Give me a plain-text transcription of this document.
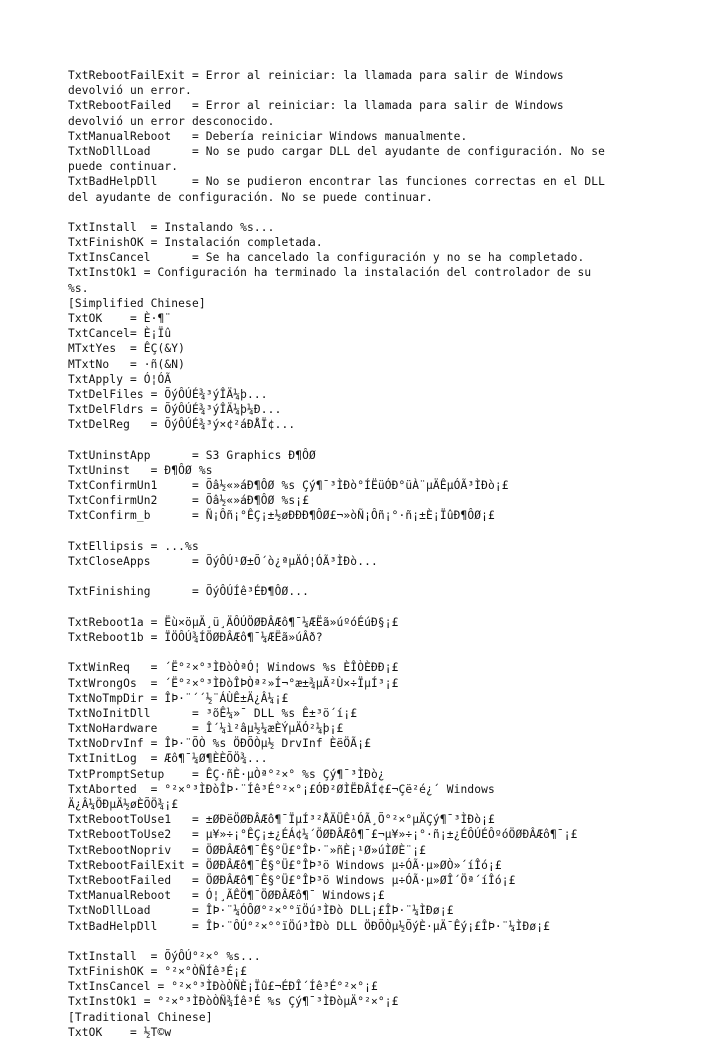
TxtRebootFailExit = Error al reiniciar: la llamada para salir de Windows
devolvió un error.
TxtRebootFailed   = Error al reiniciar: la llamada para salir de Windows
devolvió un error desconocido.
TxtManualReboot   = Debería reiniciar Windows manualmente.
TxtNoDllLoad      = No se pudo cargar DLL del ayudante de configuración. No se
puede continuar.
TxtBadHelpDll     = No se pudieron encontrar las funciones correctas en el DLL
del ayudante de configuración. No se puede continuar.
TxtInstall  = Instalando %s...
TxtFinishOK = Instalación completada.
TxtInsCancel      = Se ha cancelado la configuración y no se ha completado.
TxtInstOk1 = Configuración ha terminado la instalación del controlador de su
%s.
[Simplified Chinese]
TxtOK    = È·¶¨
TxtCancel= È¡Ïû
MTxtYes  = ÊÇ(&Y)
MTxtNo   = ·ñ(&N)
TxtApply = Ó¦ÓÃ
TxtDelFiles = ÕýÔÚÉ¾³ýÎÄ¼þ...
TxtDelFldrs = ÕýÔÚÉ¾³ýÎÄ¼þ¼Ð...
TxtDelReg   = ÕýÔÚÉ¾³ý×¢²áÐÅÏ¢...
TxtUninstApp      = S3 Graphics Ð¶ÔØ
TxtUninst   = Ð¶ÔØ %s
TxtConfirmUn1     = Õâ½«»áÐ¶ÔØ %s Çý¶¯³ÌÐò°ÍËüÓÐ°üÀ¨µÄÊµÓÃ³ÌÐò¡£
TxtConfirmUn2     = Õâ½«»áÐ¶ÔØ %s¡£
TxtConfirm_b      = Ñ¡Ôñ¡°ÊÇ¡±½øÐÐÐ¶ÔØ£¬»òÑ¡Ôñ¡°·ñ¡±È¡ÏûÐ¶ÔØ¡£
TxtEllipsis = ...%s
TxtCloseApps      = ÕýÔÚ¹Ø±Õ´ò¿ªµÄÓ¦ÓÃ³ÌÐò...
TxtFinishing      = ÕýÔÚÍê³ÉÐ¶ÔØ...
TxtReboot1a = Ëù×öµÄ¸ü¸ÄÔÚÖØÐÂÆô¶¯¼ÆËã»úºóÉúÐ§¡£
TxtReboot1b = ÏÖÔÚ¾ÍÖØÐÂÆô¶¯¼ÆËã»úÂð?
TxtWinReq   = ´Ë°²×°³ÌÐòÒªÓ¦ Windows %s ÈÎÒÈÐÐ¡£
TxtWrongOs  = ´Ë°²×°³ÌÐòÎÞÒª²»Í¬°æ±¾µÄ²Ù×÷ÏµÍ³¡£
TxtNoTmpDir = ÎÞ·¨´´½¨ÁÙÊ±Ä¿Â¼¡£
TxtNoInitDll      = ³õÊ¼»¯ DLL %s Ê±³ö´í¡£
TxtNoHardware     = Î´¼ì²âµ½¼æÈÝµÄÓ²¼þ¡£
TxtNoDrvInf = ÎÞ·¨ÕÒ %s ÖÐÕÒµ½ DrvInf ÈëÖÃ¡£
TxtInitLog  = Æô¶¯¼Ø¶ÈÈÕÖ¾...
TxtPromptSetup    = ÊÇ·ñÈ·µÒª°²×° %s Çý¶¯³ÌÐò¿
TxtAborted  = °²×°³ÌÐòÎÞ·¨Íê³É°²×°¡£ÓÐ²ØÌËÐÂÍ¢£¬Çë²é¿´ Windows
Ä¿Â¼ÖÐµÄ½øÈÕÖ¾¡£
TxtRebootToUse1   = ±ØÐëÖØÐÂÆô¶¯ÏµÍ³²ÅÄÜÊ¹ÓÃ¸Õ°²×°µÄÇý¶¯³ÌÐò¡£
TxtRebootToUse2   = µ¥»÷¡°ÊÇ¡±¿ÉÁ¢¼´ÖØÐÂÆô¶¯£¬µ¥»÷¡°·ñ¡±¿ÉÔÚÉÔºóÖØÐÂÆô¶¯¡£
TxtRebootNopriv   = ÖØÐÂÆô¶¯Ê§°Ü£°ÎÞ·¨»ñÈ¡¹Ø»úÌØÈ¨¡£
TxtRebootFailExit = ÖØÐÂÆô¶¯Ê§°Ü£°ÎÞ³ö Windows µ÷ÓÃ·µ»ØÒ»´íÎó¡£
TxtRebootFailed   = ÖØÐÂÆô¶¯Ê§°Ü£°ÎÞ³ö Windows µ÷ÓÃ·µ»ØÎ´Öª´íÎó¡£
TxtManualReboot   = Ó¦¸ÃÊÖ¶¯ÖØÐÂÆô¶¯ Windows¡£
TxtNoDllLoad      = ÎÞ·¨¼ÓÔØ°²×°°ïÖú³ÌÐò DLL¡£ÎÞ·¨¼ÌÐø¡£
TxtBadHelpDll     = ÎÞ·¨ÔÚ°²×°°ïÖú³ÌÐò DLL ÖÐÕÒµ½ÕýÈ·µÄ¯Êý¡£ÎÞ·¨¼ÌÐø¡£
TxtInstall  = ÕýÔÚ°²×° %s...
TxtFinishOK = °²×°ÒÑÍê³É¡£
TxtInsCancel = °²×°³ÌÐòÒÑÈ¡Ïû£¬ÉÐÎ´Íê³É°²×°¡£
TxtInstOk1 = °²×°³ÌÐòÒÑ¾Íê³É %s Çý¶¯³ÌÐòµÄ°²×°¡£
[Traditional Chinese]
TxtOK    = ½T©w
